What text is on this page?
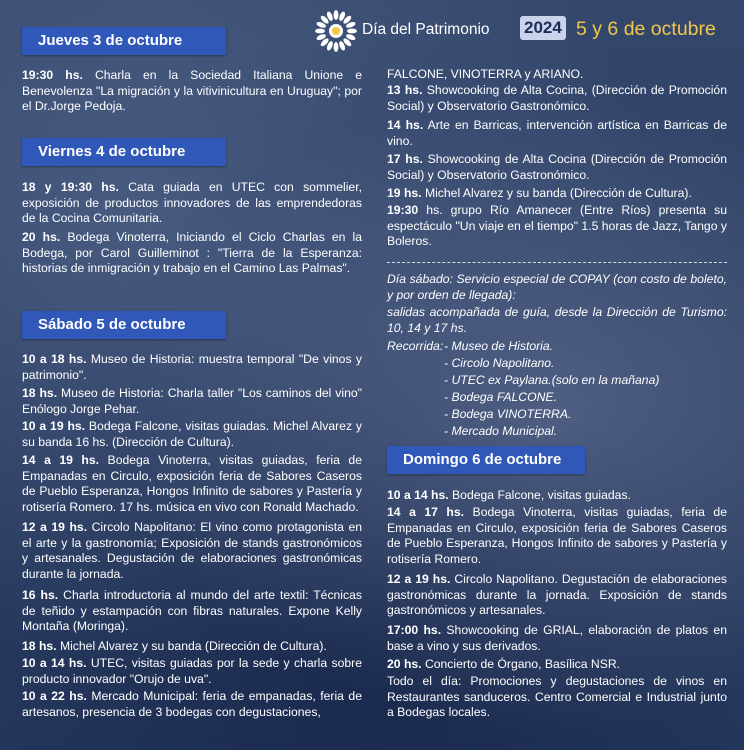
Día del Patrimonio 2024 5 y 6 de octubre
Jueves 3 de octubre
19:30 hs. Charla en la Sociedad Italiana Unione e Benevolenza "La migración y la vitivinicultura en Uruguay"; por el Dr.Jorge Pedoja.
Viernes 4 de octubre
18 y 19:30 hs. Cata guiada en UTEC con sommelier, exposición de productos innovadores de las emprendedoras de la Cocina Comunitaria.
20 hs. Bodega Vinoterra, Iniciando el Ciclo Charlas en la Bodega, por Carol Guilleminot : "Tierra de la Esperanza: historias de inmigración y trabajo en el Camino Las Palmas".
Sábado 5 de octubre
10 a 18 hs. Museo de Historia: muestra temporal "De vinos y patrimonio".
18 hs. Museo de Historia: Charla taller "Los caminos del vino" Enólogo Jorge Pehar.
10 a 19 hs. Bodega Falcone, visitas guiadas. Michel Alvarez y su banda 16 hs. (Dirección de Cultura).
14 a 19 hs. Bodega Vinoterra, visitas guiadas, feria de Empanadas en Circulo, exposición feria de Sabores Caseros de Pueblo Esperanza, Hongos Infinito de sabores y Pastería y rotisería Romero. 17 hs. música en vivo con Ronald Machado.
12 a 19 hs. Circolo Napolitano: El vino como protagonista en el arte y la gastronomía; Exposición de stands gastronómicos y artesanales. Degustación de elaboraciones gastronómicas durante la jornada.
16 hs. Charla introductoria al mundo del arte textil: Técnicas de teñido y estampación con fibras naturales. Expone Kelly Montaña (Moringa).
18 hs. Michel Alvarez y su banda (Dirección de Cultura).
10 a 14 hs. UTEC, visitas guiadas por la sede y charla sobre producto innovador "Orujo de uva".
10 a 22 hs. Mercado Municipal: feria de empanadas, feria de artesanos, presencia de 3 bodegas con degustaciones,
FALCONE, VINOTERRA y ARIANO.
13 hs. Showcooking de Alta Cocina, (Dirección de Promoción Social) y Observatorio Gastronómico.
14 hs. Arte en Barricas, intervención artística en Barricas de vino.
17 hs. Showcooking de Alta Cocina (Dirección de Promoción Social) y Observatorio Gastronómico.
19 hs. Michel Alvarez y su banda (Dirección de Cultura).
19:30 hs. grupo Río Amanecer (Entre Ríos) presenta su espectáculo "Un viaje en el tiempo" 1.5 horas de Jazz, Tango y Boleros.
Día sábado: Servicio especial de COPAY (con costo de boleto, y por orden de llegada):
salidas acompañada de guía, desde la Dirección de Turismo: 10, 14 y 17 hs.
Recorrida: - Museo de Historia.
- Circolo Napolitano.
- UTEC ex Paylana.(solo en la mañana)
- Bodega FALCONE.
- Bodega VINOTERRA.
- Mercado Municipal.
Domingo 6 de octubre
10 a 14 hs. Bodega Falcone, visitas guiadas.
14 a 17 hs. Bodega Vinoterra, visitas guiadas, feria de Empanadas en Circulo, exposición feria de Sabores Caseros de Pueblo Esperanza, Hongos Infinito de sabores y Pastería y rotisería Romero.
12 a 19 hs. Circolo Napolitano. Degustación de elaboraciones gastronómicas durante la jornada. Exposición de stands gastronómicos y artesanales.
17:00 hs. Showcooking de GRIAL, elaboración de platos en base a vino y sus derivados.
20 hs. Concierto de Órgano, Basílica NSR.
Todo el día: Promociones y degustaciones de vinos en Restaurantes sanduceros. Centro Comercial e Industrial junto a Bodegas locales.
